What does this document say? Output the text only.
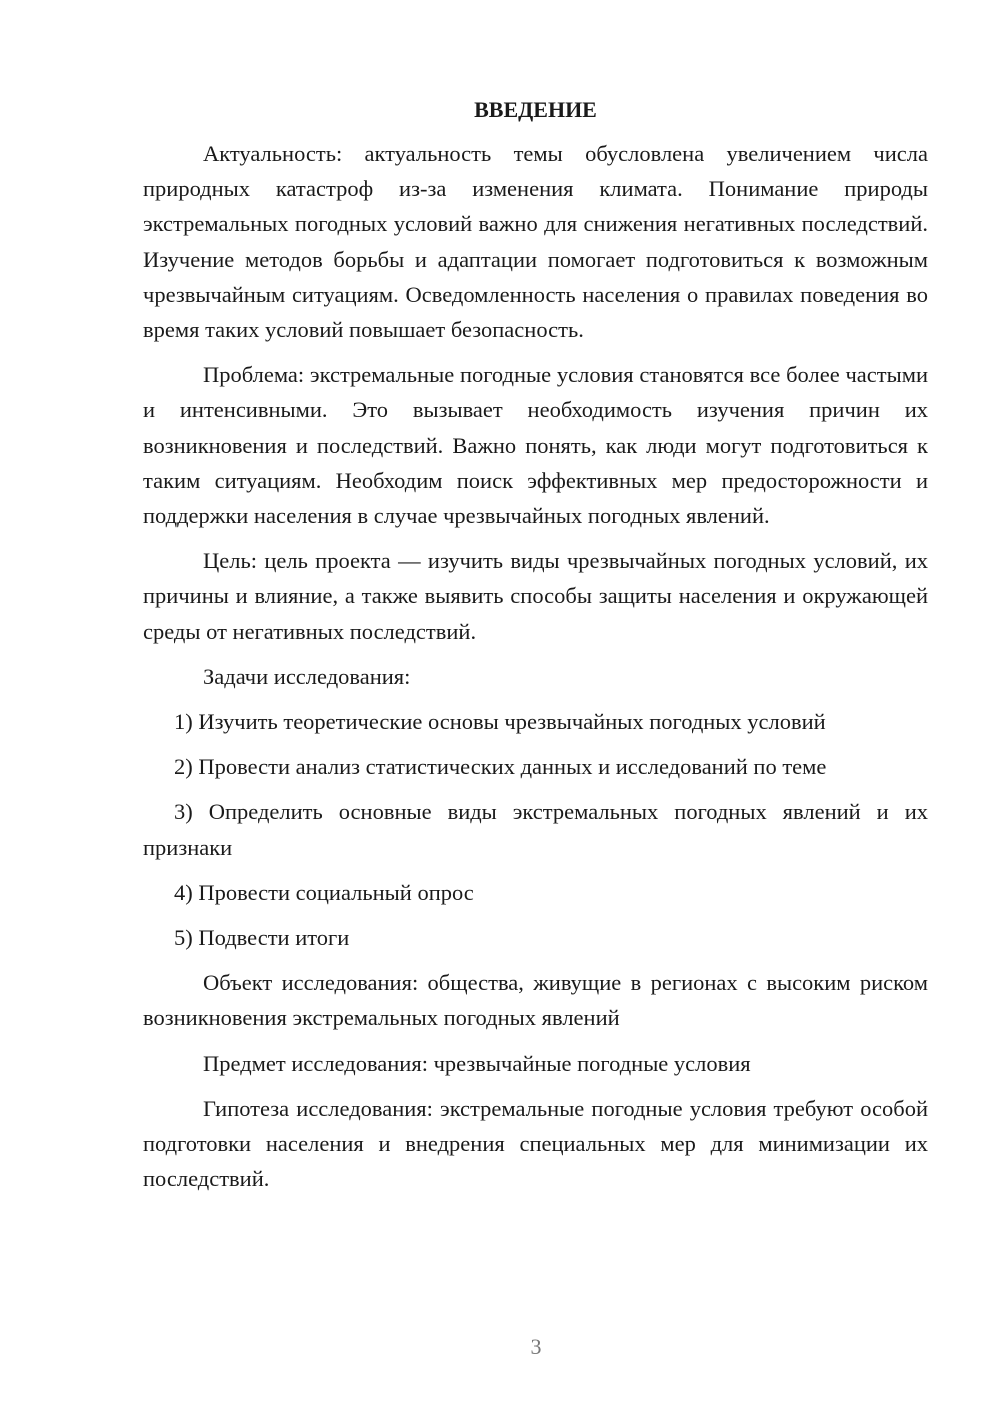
ВВЕДЕНИЕ

Актуальность: актуальность темы обусловлена увеличением числа природных катастроф из-за изменения климата. Понимание природы экстремальных погодных условий важно для снижения негативных последствий. Изучение методов борьбы и адаптации помогает подготовиться к возможным чрезвычайным ситуациям. Осведомленность населения о правилах поведения во время таких условий повышает безопасность.

Проблема: экстремальные погодные условия становятся все более частыми и интенсивными. Это вызывает необходимость изучения причин их возникновения и последствий. Важно понять, как люди могут подготовиться к таким ситуациям. Необходим поиск эффективных мер предосторожности и поддержки населения в случае чрезвычайных погодных явлений.

Цель: цель проекта — изучить виды чрезвычайных погодных условий, их причины и влияние, а также выявить способы защиты населения и окружающей среды от негативных последствий.

Задачи исследования:

1) Изучить теоретические основы чрезвычайных погодных условий

2) Провести анализ статистических данных и исследований по теме

3) Определить основные виды экстремальных погодных явлений и их признаки

4) Провести социальный опрос

5) Подвести итоги

Объект исследования: общества, живущие в регионах с высоким риском возникновения экстремальных погодных явлений

Предмет исследования: чрезвычайные погодные условия

Гипотеза исследования: экстремальные погодные условия требуют особой подготовки населения и внедрения специальных мер для минимизации их последствий.

3
